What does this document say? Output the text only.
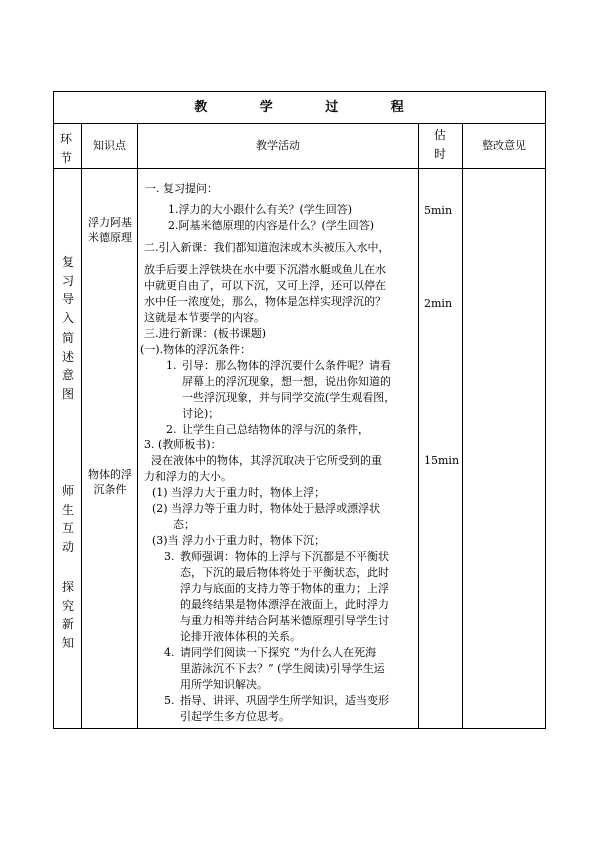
教 学 过 程
环节
知识点	教学活动
估时
整改意见
复习导入
简述意图
师生互动
探究新知
浮力阿基米德原理
物体的浮沉条件
5min
2min
15min
一. 复习提问：
1.浮力的大小跟什么有关？(学生回答)
2.阿基米德原理的内容是什么？(学生回答)
二.引入新课：我们都知道泡沫或木头被压入水中，
放手后要上浮铁块在水中要下沉潜水艇或鱼儿在水
中就更自由了，可以下沉，又可上浮，还可以停在
水中任一浓度处，那么，物体是怎样实现浮沉的？
这就是本节要学的内容。
三.进行新课：(板书课题)
(一).物体的浮沉条件：
1. 引导：那么物体的浮沉要什么条件呢？请看
屏幕上的浮沉现象，想一想，说出你知道的
一些浮沉现象，并与同学交流(学生观看图，
讨论)；
2. 让学生自己总结物体的浮与沉的条件，
3. (教师板书)：
浸在液体中的物体，其浮沉取决于它所受到的重
力和浮力的大小。
(1) 当浮力大于重力时，物体上浮；
(2) 当浮力等于重力时，物体处于悬浮或漂浮状
态；
(3)当 浮力小于重力时，物体下沉；
3. 教师强调：物体的上浮与下沉都是不平衡状
态，下沉的最后物体将处于平衡状态，此时
浮力与底面的支持力等于物体的重力；上浮
的最终结果是物体漂浮在液面上，此时浮力
与重力相等并结合阿基米德原理引导学生讨
论排开液体体积的关系。
4. 请同学们阅读一下探究 “为什么人在死海
里游泳沉不下去？” (学生阅读)引导学生运
用所学知识解决。
5. 指导、讲评、巩固学生所学知识，适当变形
引起学生多方位思考。
